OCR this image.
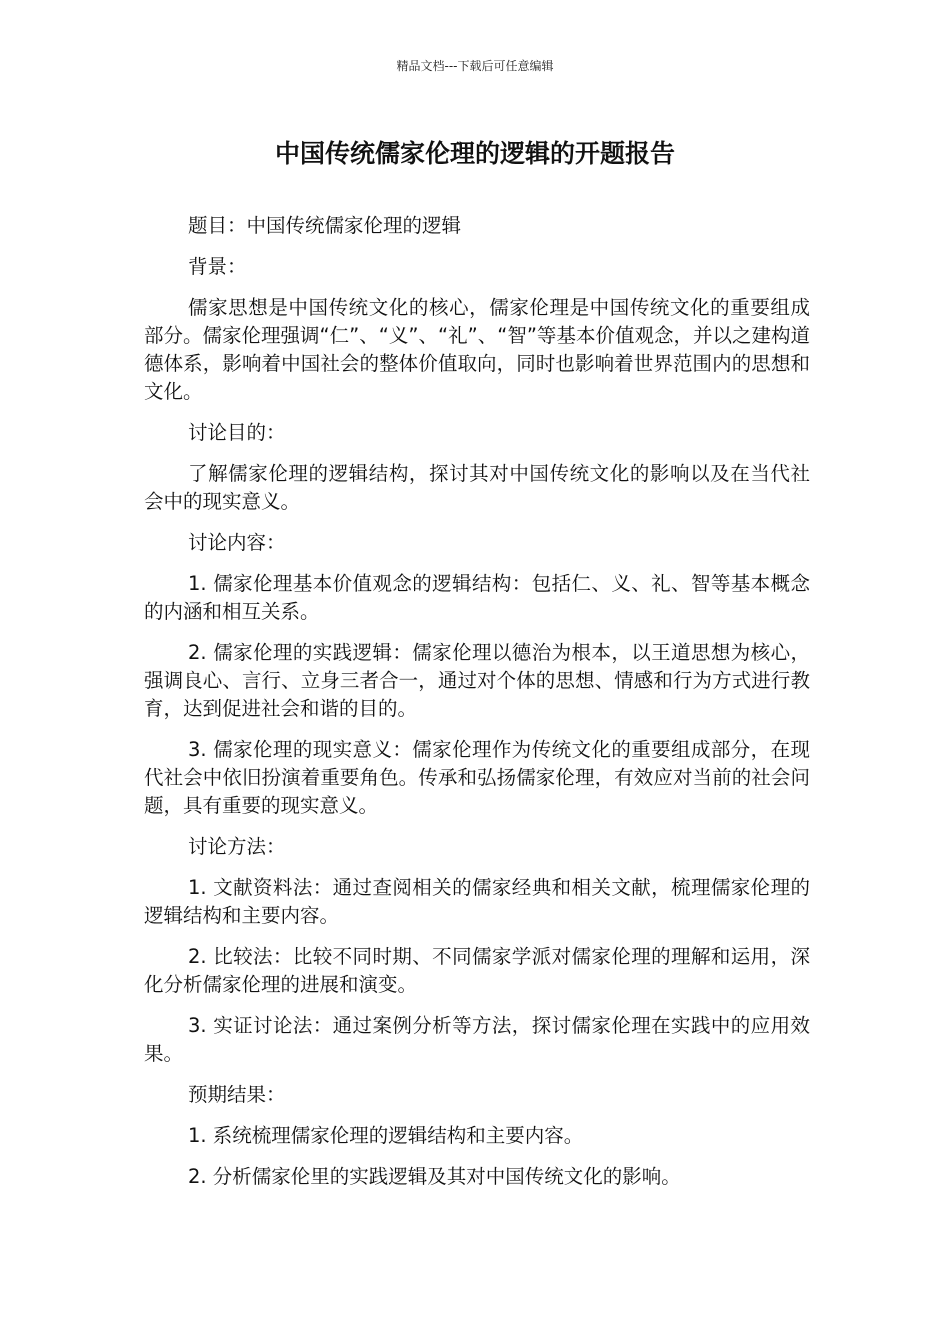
精品文档---下载后可任意编辑
中国传统儒家伦理的逻辑的开题报告

题目：中国传统儒家伦理的逻辑

背景：

儒家思想是中国传统文化的核心，儒家伦理是中国传统文化的重要组成部分。儒家伦理强调“仁”、“义”、“礼”、“智”等基本价值观念，并以之建构道德体系，影响着中国社会的整体价值取向，同时也影响着世界范围内的思想和文化。

讨论目的：

了解儒家伦理的逻辑结构，探讨其对中国传统文化的影响以及在当代社会中的现实意义。

讨论内容：

1. 儒家伦理基本价值观念的逻辑结构：包括仁、义、礼、智等基本概念的内涵和相互关系。

2. 儒家伦理的实践逻辑：儒家伦理以德治为根本，以王道思想为核心，强调良心、言行、立身三者合一，通过对个体的思想、情感和行为方式进行教育，达到促进社会和谐的目的。

3. 儒家伦理的现实意义：儒家伦理作为传统文化的重要组成部分，在现代社会中依旧扮演着重要角色。传承和弘扬儒家伦理，有效应对当前的社会问题，具有重要的现实意义。

讨论方法：

1. 文献资料法：通过查阅相关的儒家经典和相关文献，梳理儒家伦理的逻辑结构和主要内容。

2. 比较法：比较不同时期、不同儒家学派对儒家伦理的理解和运用，深化分析儒家伦理的进展和演变。

3. 实证讨论法：通过案例分析等方法，探讨儒家伦理在实践中的应用效果。

预期结果：

1. 系统梳理儒家伦理的逻辑结构和主要内容。

2. 分析儒家伦里的实践逻辑及其对中国传统文化的影响。
